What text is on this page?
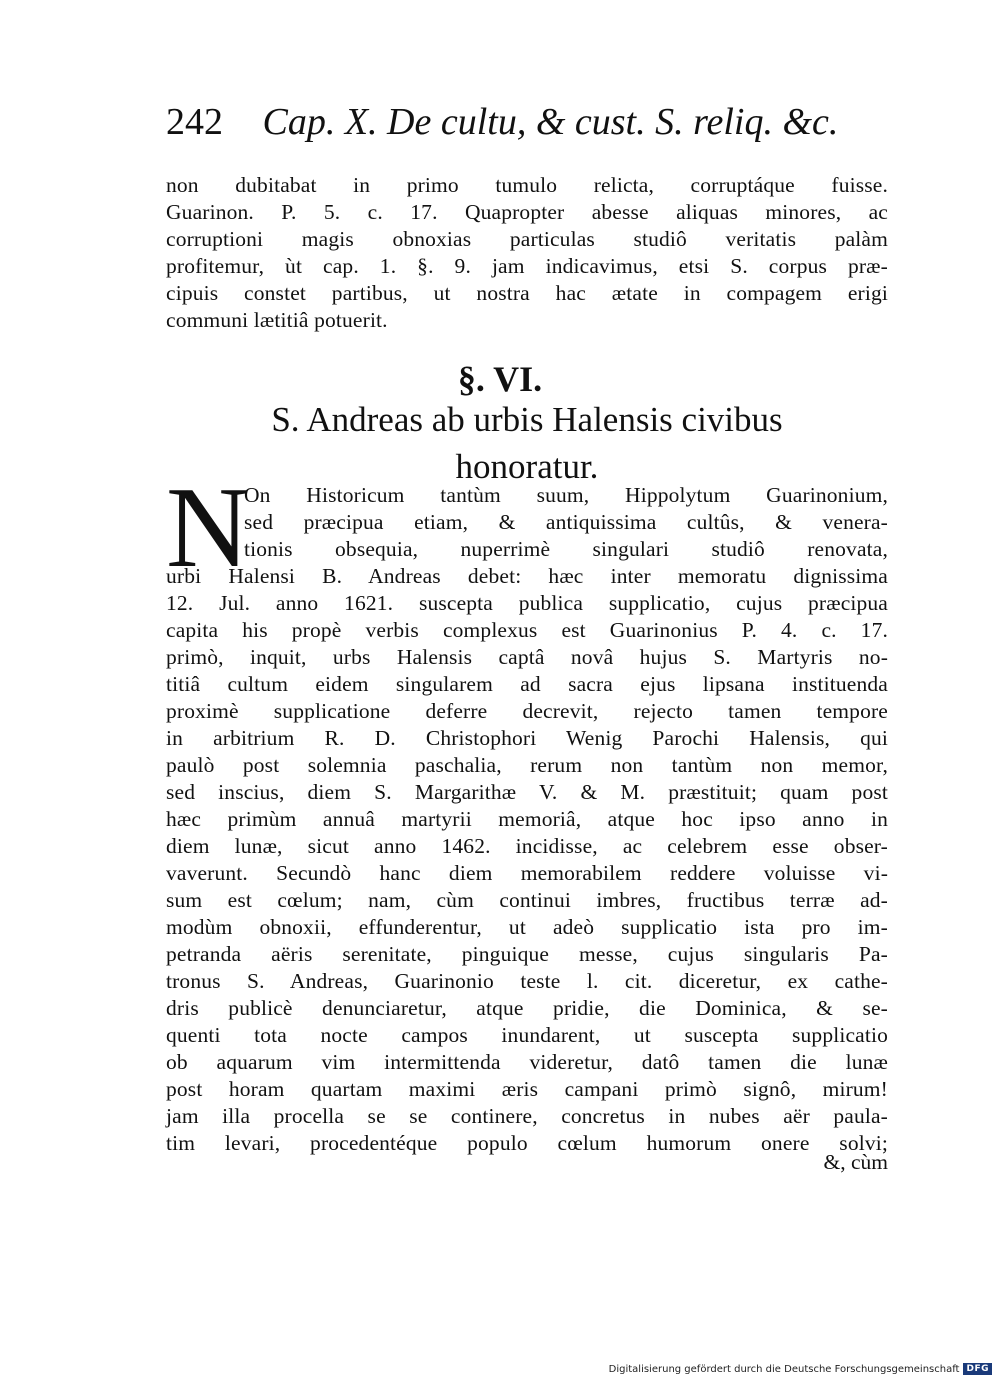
242 Cap. X. De cultu, & cust. S. reliq. &c.
non dubitabat in primo tumulo relicta, corruptáque fuisse.
Guarinon. P. 5. c. 17. Quapropter abesse aliquas minores, ac
corruptioni magis obnoxias particulas studiô veritatis palàm
profitemur, ùt cap. 1. §. 9. jam indicavimus, etsi S. corpus præ-
cipuis constet partibus, ut nostra hac ætate in compagem erigi
communi lætitiâ potuerit.
§. VI.
S. Andreas ab urbis Halensis civibus
honoratur.
N
On Historicum tantùm suum, Hippolytum Guarinonium,
sed præcipua etiam, & antiquissima cultûs, & venera-
tionis obsequia, nuperrimè singulari studiô renovata,
urbi Halensi B. Andreas debet: hæc inter memoratu dignissima
12. Jul. anno 1621. suscepta publica supplicatio, cujus præcipua
capita his propè verbis complexus est Guarinonius P. 4. c. 17.
primò, inquit, urbs Halensis captâ novâ hujus S. Martyris no-
titiâ cultum eidem singularem ad sacra ejus lipsana instituenda
proximè supplicatione deferre decrevit, rejecto tamen tempore
in arbitrium R. D. Christophori Wenig Parochi Halensis, qui
paulò post solemnia paschalia, rerum non tantùm non memor,
sed inscius, diem S. Margarithæ V. & M. præstituit; quam post
hæc primùm annuâ martyrii memoriâ, atque hoc ipso anno in
diem lunæ, sicut anno 1462. incidisse, ac celebrem esse obser-
vaverunt. Secundò hanc diem memorabilem reddere voluisse vi-
sum est cœlum; nam, cùm continui imbres, fructibus terræ ad-
modùm obnoxii, effunderentur, ut adeò supplicatio ista pro im-
petranda aëris serenitate, pinguique messe, cujus singularis Pa-
tronus S. Andreas, Guarinonio teste l. cit. diceretur, ex cathe-
dris publicè denunciaretur, atque pridie, die Dominica, & se-
quenti tota nocte campos inundarent, ut suscepta supplicatio
ob aquarum vim intermittenda videretur, datô tamen die lunæ
post horam quartam maximi æris campani primò signô, mirum!
jam illa procella se se continere, concretus in nubes aër paula-
tim levari, procedentéque populo cœlum humorum onere solvi;
&, cùm
Digitalisierung gefördert durch die Deutsche Forschungsgemeinschaft DFG
